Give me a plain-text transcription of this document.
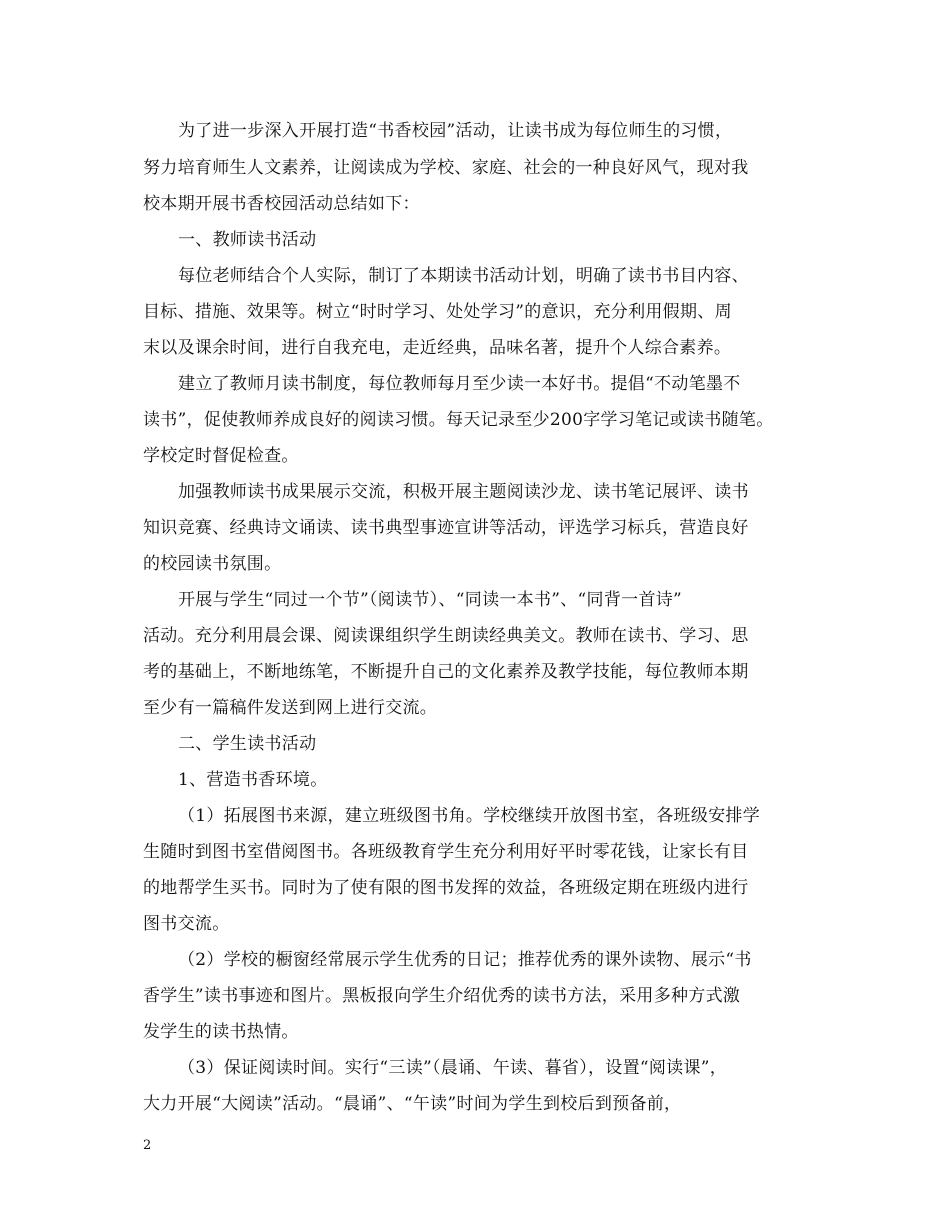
为了进一步深入开展打造“书香校园”活动，让读书成为每位师生的习惯，
努力培育师生人文素养，让阅读成为学校、家庭、社会的一种良好风气，现对我
校本期开展书香校园活动总结如下：
一、教师读书活动
每位老师结合个人实际，制订了本期读书活动计划，明确了读书书目内容、
目标、措施、效果等。树立“时时学习、处处学习”的意识，充分利用假期、周
末以及课余时间，进行自我充电，走近经典，品味名著，提升个人综合素养。
建立了教师月读书制度，每位教师每月至少读一本好书。提倡“不动笔墨不
读书”，促使教师养成良好的阅读习惯。每天记录至少200字学习笔记或读书随笔。
学校定时督促检查。
加强教师读书成果展示交流，积极开展主题阅读沙龙、读书笔记展评、读书
知识竞赛、经典诗文诵读、读书典型事迹宣讲等活动，评选学习标兵，营造良好
的校园读书氛围。
开展与学生“同过一个节”（阅读节）、“同读一本书”、“同背一首诗”
活动。充分利用晨会课、阅读课组织学生朗读经典美文。教师在读书、学习、思
考的基础上，不断地练笔，不断提升自己的文化素养及教学技能，每位教师本期
至少有一篇稿件发送到网上进行交流。
二、学生读书活动
1、营造书香环境。
（1）拓展图书来源，建立班级图书角。学校继续开放图书室，各班级安排学
生随时到图书室借阅图书。各班级教育学生充分利用好平时零花钱，让家长有目
的地帮学生买书。同时为了使有限的图书发挥的效益，各班级定期在班级内进行
图书交流。
（2）学校的橱窗经常展示学生优秀的日记；推荐优秀的课外读物、展示“书
香学生”读书事迹和图片。黑板报向学生介绍优秀的读书方法，采用多种方式激
发学生的读书热情。
（3）保证阅读时间。实行“三读”（晨诵、午读、暮省），设置“阅读课”，
大力开展“大阅读”活动。“晨诵”、“午读”时间为学生到校后到预备前，
2
